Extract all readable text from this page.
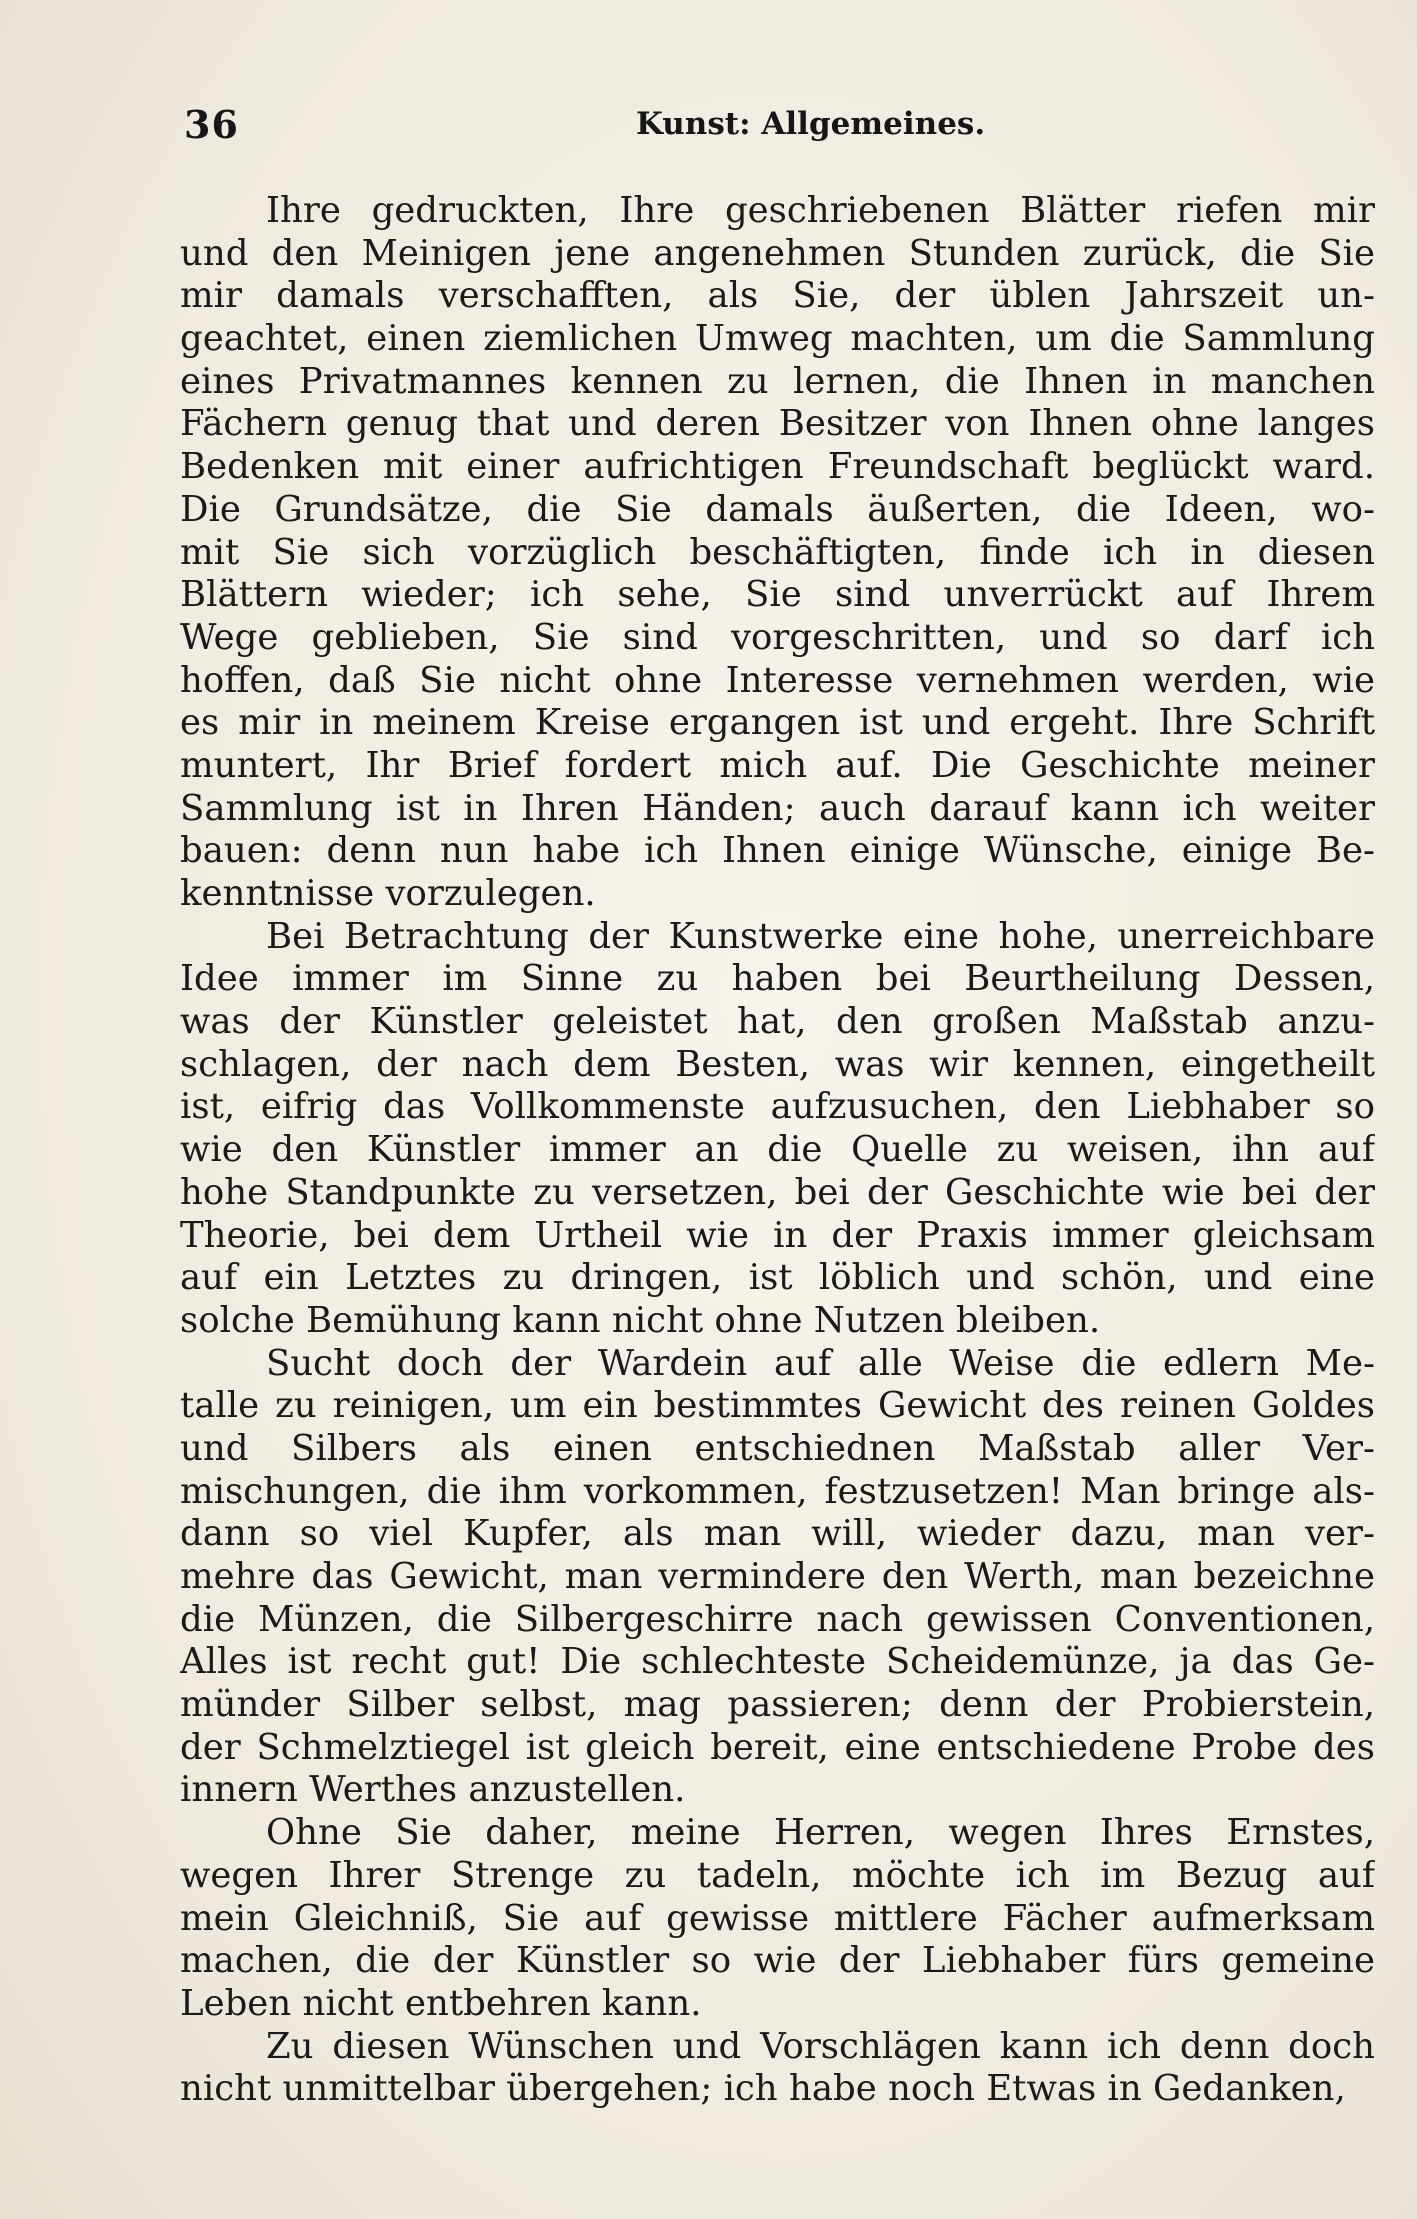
36	Kunst: Allgemeines.
Ihre gedruckten, Ihre geschriebenen Blätter riefen mir
und den Meinigen jene angenehmen Stunden zurück, die Sie
mir damals verschafften, als Sie, der üblen Jahrszeit un-
geachtet, einen ziemlichen Umweg machten, um die Sammlung
eines Privatmannes kennen zu lernen, die Ihnen in manchen
Fächern genug that und deren Besitzer von Ihnen ohne langes
Bedenken mit einer aufrichtigen Freundschaft beglückt ward.
Die Grundsätze, die Sie damals äußerten, die Ideen, wo-
mit Sie sich vorzüglich beschäftigten, finde ich in diesen
Blättern wieder; ich sehe, Sie sind unverrückt auf Ihrem
Wege geblieben, Sie sind vorgeschritten, und so darf ich
hoffen, daß Sie nicht ohne Interesse vernehmen werden, wie
es mir in meinem Kreise ergangen ist und ergeht. Ihre Schrift
muntert, Ihr Brief fordert mich auf. Die Geschichte meiner
Sammlung ist in Ihren Händen; auch darauf kann ich weiter
bauen: denn nun habe ich Ihnen einige Wünsche, einige Be-
kenntnisse vorzulegen.
Bei Betrachtung der Kunstwerke eine hohe, unerreichbare
Idee immer im Sinne zu haben bei Beurtheilung Dessen,
was der Künstler geleistet hat, den großen Maßstab anzu-
schlagen, der nach dem Besten, was wir kennen, eingetheilt
ist, eifrig das Vollkommenste aufzusuchen, den Liebhaber so
wie den Künstler immer an die Quelle zu weisen, ihn auf
hohe Standpunkte zu versetzen, bei der Geschichte wie bei der
Theorie, bei dem Urtheil wie in der Praxis immer gleichsam
auf ein Letztes zu dringen, ist löblich und schön, und eine
solche Bemühung kann nicht ohne Nutzen bleiben.
Sucht doch der Wardein auf alle Weise die edlern Me-
talle zu reinigen, um ein bestimmtes Gewicht des reinen Goldes
und Silbers als einen entschiednen Maßstab aller Ver-
mischungen, die ihm vorkommen, festzusetzen! Man bringe als-
dann so viel Kupfer, als man will, wieder dazu, man ver-
mehre das Gewicht, man vermindere den Werth, man bezeichne
die Münzen, die Silbergeschirre nach gewissen Conventionen,
Alles ist recht gut! Die schlechteste Scheidemünze, ja das Ge-
münder Silber selbst, mag passieren; denn der Probierstein,
der Schmelztiegel ist gleich bereit, eine entschiedene Probe des
innern Werthes anzustellen.
Ohne Sie daher, meine Herren, wegen Ihres Ernstes,
wegen Ihrer Strenge zu tadeln, möchte ich im Bezug auf
mein Gleichniß, Sie auf gewisse mittlere Fächer aufmerksam
machen, die der Künstler so wie der Liebhaber fürs gemeine
Leben nicht entbehren kann.
Zu diesen Wünschen und Vorschlägen kann ich denn doch
nicht unmittelbar übergehen; ich habe noch Etwas in Gedanken,
